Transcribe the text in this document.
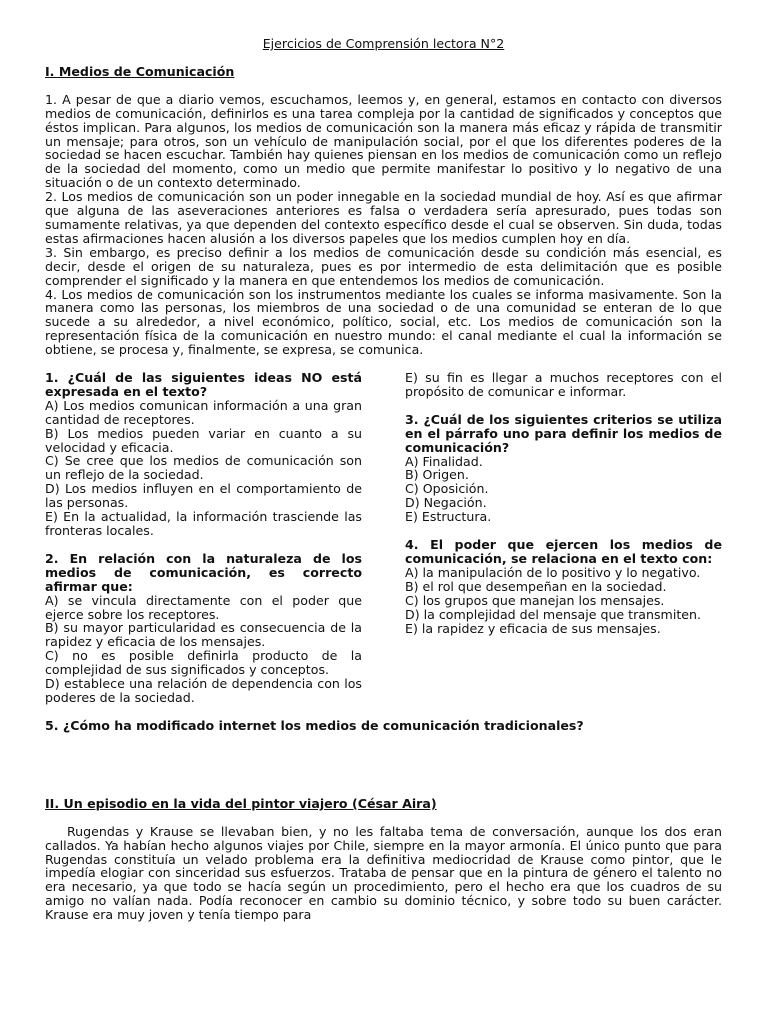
Ejercicios de Comprensión lectora N°2

I. Medios de Comunicación

1. A pesar de que a diario vemos, escuchamos, leemos y, en general, estamos en contacto con diversos medios de comunicación, definirlos es una tarea compleja por la cantidad de significados y conceptos que éstos implican. Para algunos, los medios de comunicación son la manera más eficaz y rápida de transmitir un mensaje; para otros, son un vehículo de manipulación social, por el que los diferentes poderes de la sociedad se hacen escuchar. También hay quienes piensan en los medios de comunicación como un reflejo de la sociedad del momento, como un medio que permite manifestar lo positivo y lo negativo de una situación o de un contexto determinado.

2. Los medios de comunicación son un poder innegable en la sociedad mundial de hoy. Así es que afirmar que alguna de las aseveraciones anteriores es falsa o verdadera sería apresurado, pues todas son sumamente relativas, ya que dependen del contexto específico desde el cual se observen. Sin duda, todas estas afirmaciones hacen alusión a los diversos papeles que los medios cumplen hoy en día.

3. Sin embargo, es preciso definir a los medios de comunicación desde su condición más esencial, es decir, desde el origen de su naturaleza, pues es por intermedio de esta delimitación que es posible comprender el significado y la manera en que entendemos los medios de comunicación.

4. Los medios de comunicación son los instrumentos mediante los cuales se informa masivamente. Son la manera como las personas, los miembros de una sociedad o de una comunidad se enteran de lo que sucede a su alrededor, a nivel económico, político, social, etc. Los medios de comunicación son la representación física de la comunicación en nuestro mundo: el canal mediante el cual la información se obtiene, se procesa y, finalmente, se expresa, se comunica.

1. ¿Cuál de las siguientes ideas NO está expresada en el texto?

A) Los medios comunican información a una gran cantidad de receptores.

B) Los medios pueden variar en cuanto a su velocidad y eficacia.

C) Se cree que los medios de comunicación son un reflejo de la sociedad.

D) Los medios influyen en el comportamiento de las personas.

E) En la actualidad, la información trasciende las fronteras locales.

2. En relación con la naturaleza de los medios de comunicación, es correcto afirmar que:

A) se vincula directamente con el poder que ejerce sobre los receptores.

B) su mayor particularidad es consecuencia de la rapidez y eficacia de los mensajes.

C) no es posible definirla producto de la complejidad de sus significados y conceptos.

D) establece una relación de dependencia con los poderes de la sociedad.

E) su fin es llegar a muchos receptores con el propósito de comunicar e informar.

3. ¿Cuál de los siguientes criterios se utiliza en el párrafo uno para definir los medios de comunicación?

A) Finalidad.

B) Origen.

C) Oposición.

D) Negación.

E) Estructura.

4. El poder que ejercen los medios de comunicación, se relaciona en el texto con:

A) la manipulación de lo positivo y lo negativo.

B) el rol que desempeñan en la sociedad.

C) los grupos que manejan los mensajes.

D) la complejidad del mensaje que transmiten.

E) la rapidez y eficacia de sus mensajes.

5. ¿Cómo ha modificado internet los medios de comunicación tradicionales?

II. Un episodio en la vida del pintor viajero (César Aira)

Rugendas y Krause se llevaban bien, y no les faltaba tema de conversación, aunque los dos eran callados. Ya habían hecho algunos viajes por Chile, siempre en la mayor armonía. El único punto que para Rugendas constituía un velado problema era la definitiva mediocridad de Krause como pintor, que le impedía elogiar con sinceridad sus esfuerzos. Trataba de pensar que en la pintura de género el talento no era necesario, ya que todo se hacía según un procedimiento, pero el hecho era que los cuadros de su amigo no valían nada. Podía reconocer en cambio su dominio técnico, y sobre todo su buen carácter. Krause era muy joven y tenía tiempo para
